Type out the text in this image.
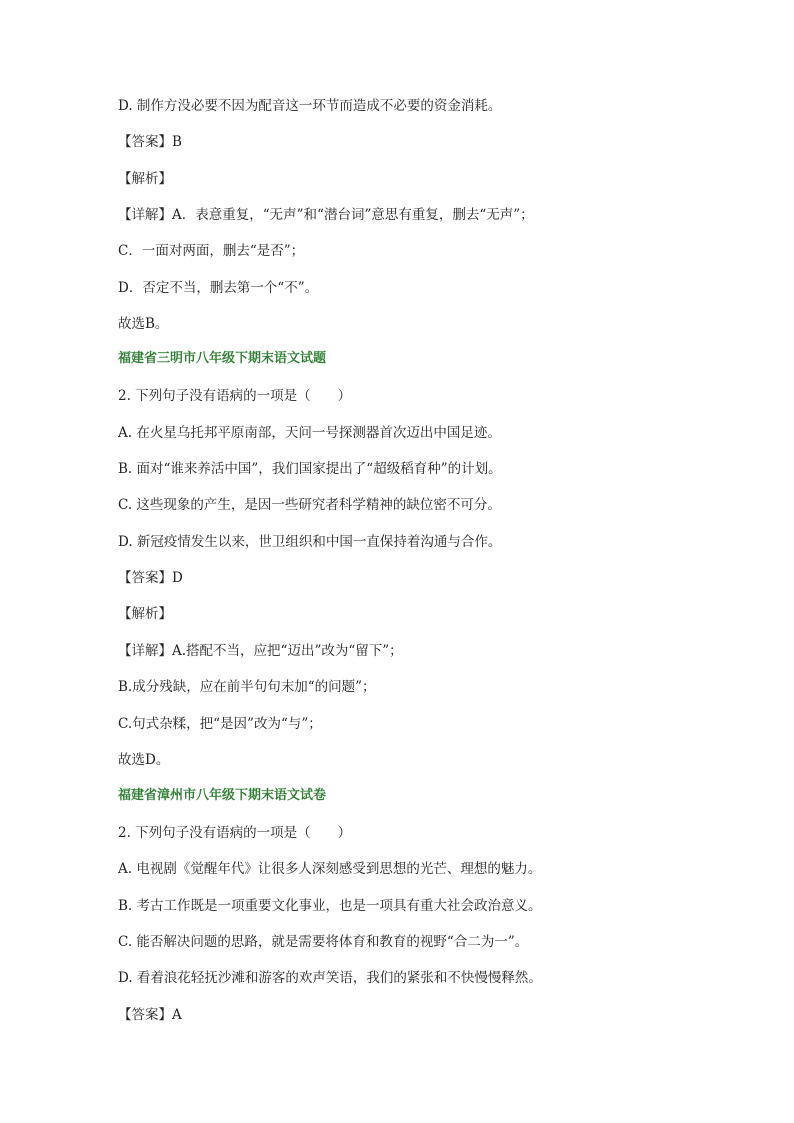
D. 制作方没必要不因为配音这一环节而造成不必要的资金消耗。
【答案】B
【解析】
【详解】A．表意重复，“无声”和“潜台词”意思有重复，删去“无声”；
C．一面对两面，删去“是否”；
D．否定不当，删去第一个“不”。
故选B。
福建省三明市八年级下期末语文试题
2. 下列句子没有语病的一项是（　　）
A. 在火星乌托邦平原南部，天问一号探测器首次迈出中国足迹。
B. 面对“谁来养活中国”，我们国家提出了“超级稻育种”的计划。
C. 这些现象的产生，是因一些研究者科学精神的缺位密不可分。
D. 新冠疫情发生以来，世卫组织和中国一直保持着沟通与合作。
【答案】D
【解析】
【详解】A.搭配不当，应把“迈出”改为“留下”；
B.成分残缺，应在前半句句末加“的问题”；
C.句式杂糅，把“是因”改为“与”；
故选D。
福建省漳州市八年级下期末语文试卷
2. 下列句子没有语病的一项是（　　）
A. 电视剧《觉醒年代》让很多人深刻感受到思想的光芒、理想的魅力。
B. 考古工作既是一项重要文化事业，也是一项具有重大社会政治意义。
C. 能否解决问题的思路，就是需要将体育和教育的视野“合二为一”。
D. 看着浪花轻抚沙滩和游客的欢声笑语，我们的紧张和不快慢慢释然。
【答案】A
